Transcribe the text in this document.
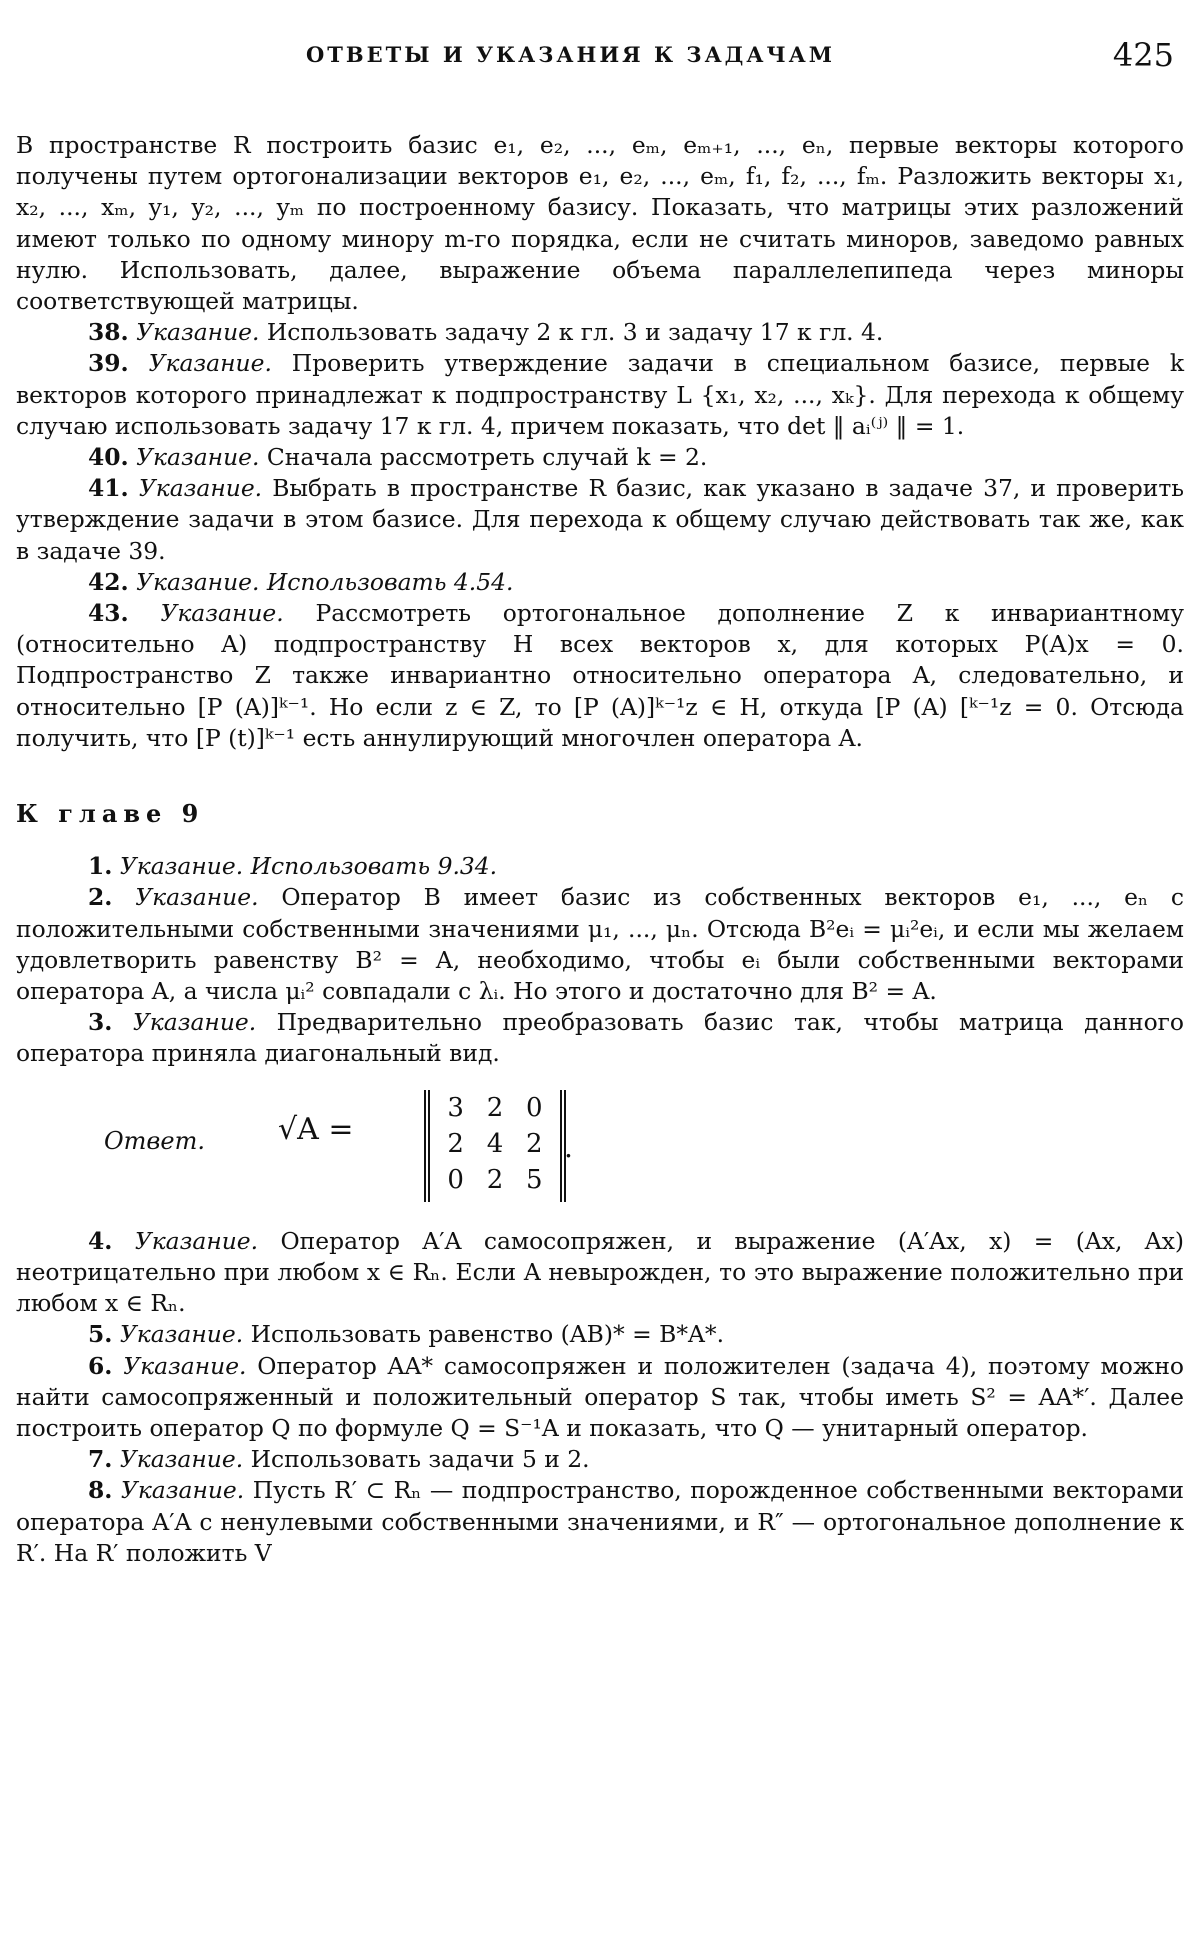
ОТВЕТЫ И УКАЗАНИЯ К ЗАДАЧАМ	425

В пространстве R построить базис e₁, e₂, ..., eₘ, eₘ₊₁, ..., eₙ, первые векторы которого получены путем ортогонализации векторов e₁, e₂, ..., eₘ, f₁, f₂, ..., fₘ. Разложить векторы x₁, x₂, ..., xₘ, y₁, y₂, ..., yₘ по построенному базису. Показать, что матрицы этих разложений имеют только по одному минору m-го порядка, если не считать миноров, заведомо равных нулю. Использовать, далее, выражение объема параллелепипеда через миноры соответствующей матрицы.

38. Указание. Использовать задачу 2 к гл. 3 и задачу 17 к гл. 4.

39. Указание. Проверить утверждение задачи в специальном базисе, первые k векторов которого принадлежат к подпространству L {x₁, x₂, ..., xₖ}. Для перехода к общему случаю использовать задачу 17 к гл. 4, причем показать, что det ‖ aᵢ⁽ʲ⁾ ‖ = 1.

40. Указание. Сначала рассмотреть случай k = 2.

41. Указание. Выбрать в пространстве R базис, как указано в задаче 37, и проверить утверждение задачи в этом базисе. Для перехода к общему случаю действовать так же, как в задаче 39.

42. Указание. Использовать 4.54.

43. Указание. Рассмотреть ортогональное дополнение Z к инвариантному (относительно A) подпространству H всех векторов x, для которых P(A)x = 0. Подпространство Z также инвариантно относительно оператора A, следовательно, и относительно [P (A)]ᵏ⁻¹. Но если z ∈ Z, то [P (A)]ᵏ⁻¹z ∈ H, откуда [P (A) [ᵏ⁻¹z = 0. Отсюда получить, что [P (t)]ᵏ⁻¹ есть аннулирующий многочлен оператора A.

К главе 9

1. Указание. Использовать 9.34.

2. Указание. Оператор B имеет базис из собственных векторов e₁, ..., eₙ с положительными собственными значениями μ₁, ..., μₙ. Отсюда B²eᵢ = μᵢ²eᵢ, и если мы желаем удовлетворить равенству B² = A, необходимо, чтобы eᵢ были собственными векторами оператора A, а числа μᵢ² совпадали с λᵢ. Но этого и достаточно для B² = A.

3. Указание. Предварительно преобразовать базис так, чтобы матрица данного оператора приняла диагональный вид.

Ответ. √A =
3 2 0
2 4 2
0 2 5
.

4. Указание. Оператор A′A самосопряжен, и выражение (A′Ax, x) = (Ax, Ax) неотрицательно при любом x ∈ Rₙ. Если A невырожден, то это выражение положительно при любом x ∈ Rₙ.

5. Указание. Использовать равенство (AB)* = B*A*.

6. Указание. Оператор AA* самосопряжен и положителен (задача 4), поэтому можно найти самосопряженный и положительный оператор S так, чтобы иметь S² = AA*′. Далее построить оператор Q по формуле Q = S⁻¹A и показать, что Q — унитарный оператор.

7. Указание. Использовать задачи 5 и 2.

8. Указание. Пусть R′ ⊂ Rₙ — подпространство, порожденное собственными векторами оператора A′A с ненулевыми собственными значениями, и R″ — ортогональное дополнение к R′. На R′ положить V
